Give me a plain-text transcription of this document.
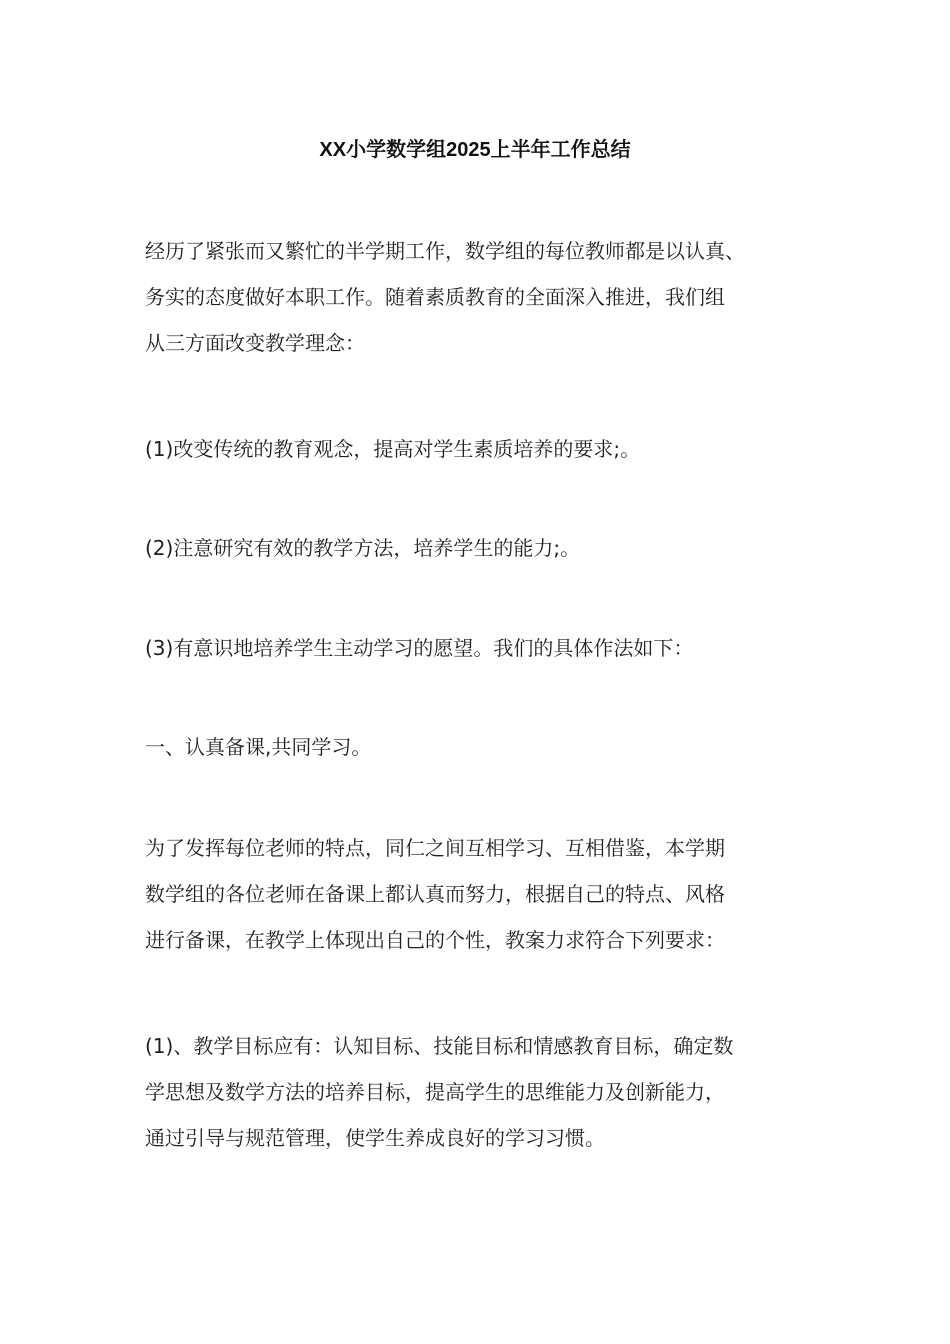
XX小学数学组2025上半年工作总结
经历了紧张而又繁忙的半学期工作，数学组的每位教师都是以认真、
务实的态度做好本职工作。随着素质教育的全面深入推进，我们组
从三方面改变教学理念：
(1)改变传统的教育观念，提高对学生素质培养的要求;。
(2)注意研究有效的教学方法，培养学生的能力;。
(3)有意识地培养学生主动学习的愿望。我们的具体作法如下：
一、认真备课,共同学习。
为了发挥每位老师的特点，同仁之间互相学习、互相借鉴，本学期
数学组的各位老师在备课上都认真而努力，根据自己的特点、风格
进行备课，在教学上体现出自己的个性，教案力求符合下列要求：
(1)、教学目标应有：认知目标、技能目标和情感教育目标，确定数
学思想及数学方法的培养目标，提高学生的思维能力及创新能力，
通过引导与规范管理，使学生养成良好的学习习惯。
